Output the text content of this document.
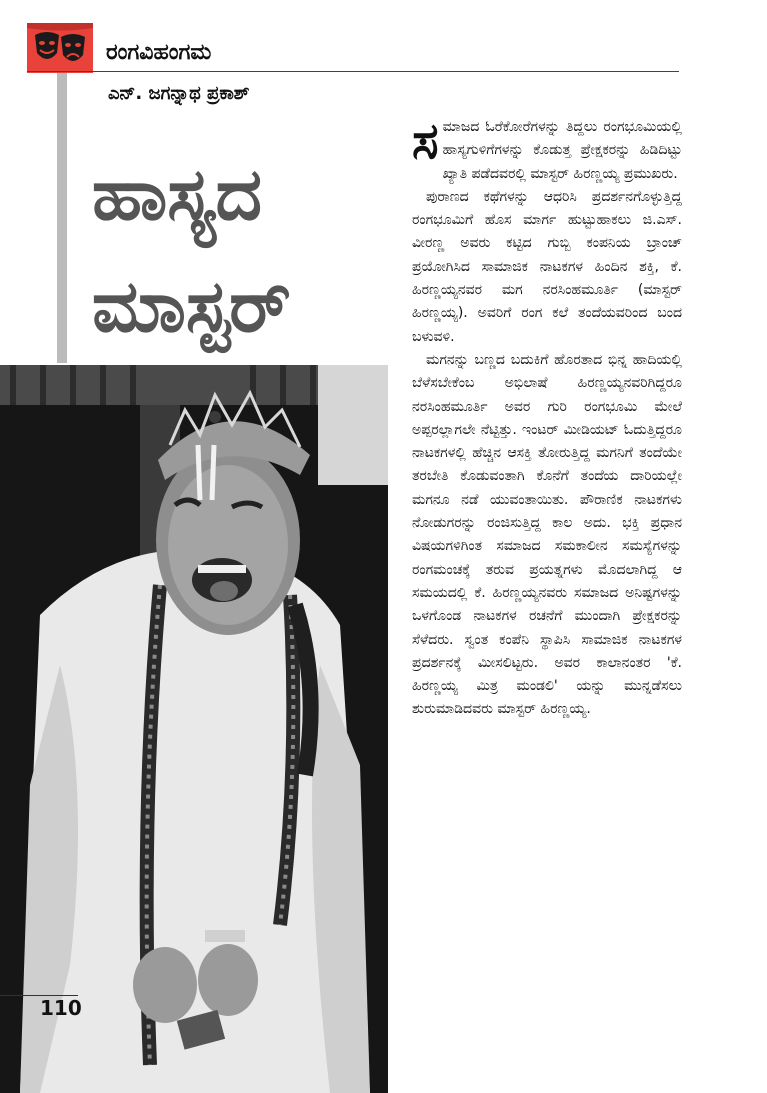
ರಂಗವಿಹಂಗಮ
ಎನ್. ಜಗನ್ನಾಥ ಪ್ರಕಾಶ್
ಹಾಸ್ಯದ
ಮಾಸ್ಟರ್
110

ಸಮಾಜದ ಓರೆಕೋರೆಗಳನ್ನು ತಿದ್ದಲು ರಂಗಭೂಮಿಯಲ್ಲಿ ಹಾಸ್ಯಗುಳಿಗೆಗಳನ್ನು ಕೊಡುತ್ತ ಪ್ರೇಕ್ಷಕರನ್ನು ಹಿಡಿದಿಟ್ಟು ಖ್ಯಾತಿ ಪಡೆದವರಲ್ಲಿ ಮಾಸ್ಟರ್ ಹಿರಣ್ಣಯ್ಯ ಪ್ರಮುಖರು.

ಪುರಾಣದ ಕಥೆಗಳನ್ನು ಆಧರಿಸಿ ಪ್ರದರ್ಶನಗೊಳ್ಳುತ್ತಿದ್ದ ರಂಗಭೂಮಿಗೆ ಹೊಸ ಮಾರ್ಗ ಹುಟ್ಟುಹಾಕಲು ಜಿ.ಎಸ್. ವೀರಣ್ಣ ಅವರು ಕಟ್ಟಿದ ಗುಬ್ಬಿ ಕಂಪನಿಯ ಬ್ರಾಂಚ್ ಪ್ರಯೋಗಿಸಿದ ಸಾಮಾಜಿಕ ನಾಟಕಗಳ ಹಿಂದಿನ ಶಕ್ತಿ, ಕೆ. ಹಿರಣ್ಣಯ್ಯನವರ ಮಗ ನರಸಿಂಹಮೂರ್ತಿ (ಮಾಸ್ಟರ್ ಹಿರಣ್ಣಯ್ಯ). ಅವರಿಗೆ ರಂಗ ಕಲೆ ತಂದೆಯವರಿಂದ ಬಂದ ಬಳುವಳಿ.

ಮಗನನ್ನು ಬಣ್ಣದ ಬದುಕಿಗೆ ಹೊರತಾದ ಭಿನ್ನ ಹಾದಿಯಲ್ಲಿ ಬೆಳೆಸಬೇಕೆಂಬ ಅಭಿಲಾಷೆ ಹಿರಣ್ಣಯ್ಯನವರಿಗಿದ್ದರೂ ನರಸಿಂಹಮೂರ್ತಿ ಅವರ ಗುರಿ ರಂಗಭೂಮಿ ಮೇಲೆ ಅಪ್ಪರಲ್ಲಾಗಲೇ ನೆಟ್ಟಿತ್ತು. ಇಂಟರ್ ಮೀಡಿಯಟ್ ಓದುತ್ತಿದ್ದರೂ ನಾಟಕಗಳಲ್ಲಿ ಹೆಚ್ಚಿನ ಆಸಕ್ತಿ ತೋರುತ್ತಿದ್ದ ಮಗನಿಗೆ ತಂದೆಯೇ ತರಬೇತಿ ಕೊಡುವಂತಾಗಿ ಕೊನೆಗೆ ತಂದೆಯ ದಾರಿಯಲ್ಲೇ ಮಗನೂ ನಡೆ ಯುವಂತಾಯಿತು. ಪೌರಾಣಿಕ ನಾಟಕಗಳು ನೋಡುಗರನ್ನು ರಂಜಿಸುತ್ತಿದ್ದ ಕಾಲ ಅದು. ಭಕ್ತಿ ಪ್ರಧಾನ ವಿಷಯಗಳಿಗಿಂತ ಸಮಾಜದ ಸಮಕಾಲೀನ ಸಮಸ್ಯೆಗಳನ್ನು ರಂಗಮಂಚಕ್ಕೆ ತರುವ ಪ್ರಯತ್ನಗಳು ಮೊದಲಾಗಿದ್ದ ಆ ಸಮಯದಲ್ಲಿ ಕೆ. ಹಿರಣ್ಣಯ್ಯನವರು ಸಮಾಜದ ಅನಿಷ್ಟಗಳನ್ನು ಒಳಗೊಂಡ ನಾಟಕಗಳ ರಚನೆಗೆ ಮುಂದಾಗಿ ಪ್ರೇಕ್ಷಕರನ್ನು ಸೆಳೆದರು. ಸ್ವಂತ ಕಂಪೆನಿ ಸ್ಥಾಪಿಸಿ ಸಾಮಾಜಿಕ ನಾಟಕಗಳ ಪ್ರದರ್ಶನಕ್ಕೆ ಮೀಸಲಿಟ್ಟರು. ಅವರ ಕಾಲಾನಂತರ 'ಕೆ. ಹಿರಣ್ಣಯ್ಯ ಮಿತ್ರ ಮಂಡಲಿ' ಯನ್ನು ಮುನ್ನಡೆಸಲು ಶುರುಮಾಡಿದವರು ಮಾಸ್ಟರ್ ಹಿರಣ್ಣಯ್ಯ.
